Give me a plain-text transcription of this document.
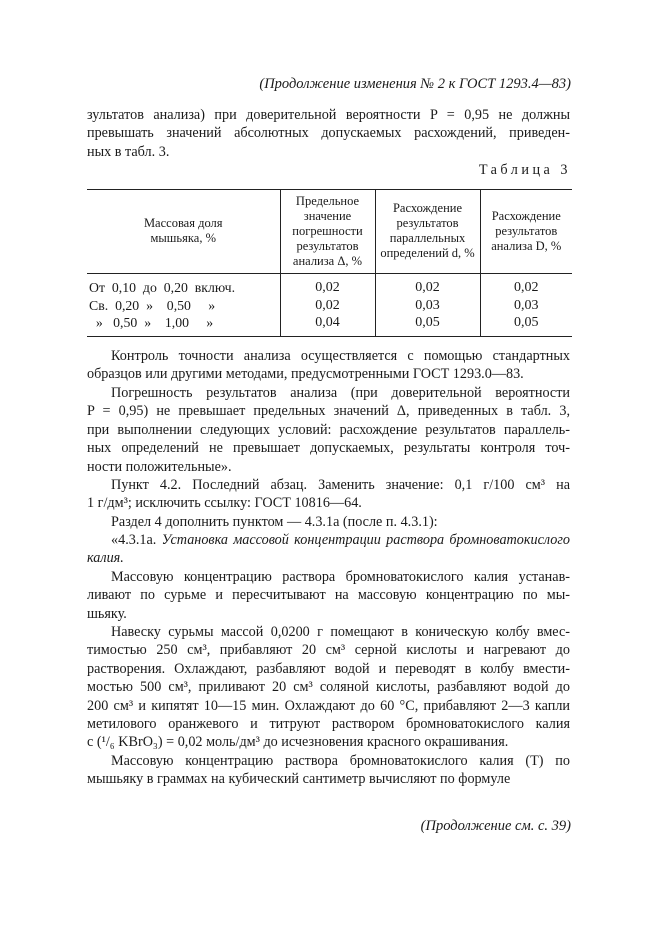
(Продолжение изменения № 2 к ГОСТ 1293.4—83)
зультатов анализа) при доверительной вероятности P = 0,95 не должны
превышать значений абсолютных допускаемых расхождений, приведен-
ных в табл. 3.
Таблица 3
Массовая доля мышьяка, %	Предельное значение погрешности результатов анализа Δ, %	Расхождение результатов параллельных определений d, %	Расхождение результатов анализа D, %
От  0,10  до  0,20  включ.	0,02	0,02	0,02
Св.  0,20  »    0,50     »	0,02	0,03	0,03
»   0,50  »    1,00     »	0,04	0,05	0,05
Контроль точности анализа осуществляется с помощью стандартных
образцов или другими методами, предусмотренными ГОСТ 1293.0—83.
Погрешность результатов анализа (при доверительной вероятности
P = 0,95) не превышает предельных значений Δ, приведенных в табл. 3,
при выполнении следующих условий: расхождение результатов параллель-
ных определений не превышает допускаемых, результаты контроля точ-
ности положительные».
Пункт 4.2. Последний абзац. Заменить значение: 0,1 г/100 см³ на
1 г/дм³; исключить ссылку: ГОСТ 10816—64.
Раздел 4 дополнить пунктом — 4.3.1а (после п. 4.3.1):
«4.3.1а. Установка массовой концентрации раствора бромноватокислого
калия.
Массовую концентрацию раствора бромноватокислого калия устанав-
ливают по сурьме и пересчитывают на массовую концентрацию по мы-
шьяку.
Навеску сурьмы массой 0,0200 г помещают в коническую колбу вмес-
тимостью 250 см³, прибавляют 20 см³ серной кислоты и нагревают до
растворения. Охлаждают, разбавляют водой и переводят в колбу вмести-
мостью 500 см³, приливают 20 см³ соляной кислоты, разбавляют водой до
200 см³ и кипятят 10—15 мин. Охлаждают до 60 °С, прибавляют 2—3 капли
метилового оранжевого и титруют раствором бромноватокислого калия
c (¹/₆ KBrO₃) = 0,02 моль/дм³ до исчезновения красного окрашивания.
Массовую концентрацию раствора бромноватокислого калия (T) по
мышьяку в граммах на кубический сантиметр вычисляют по формуле
(Продолжение см. с. 39)
